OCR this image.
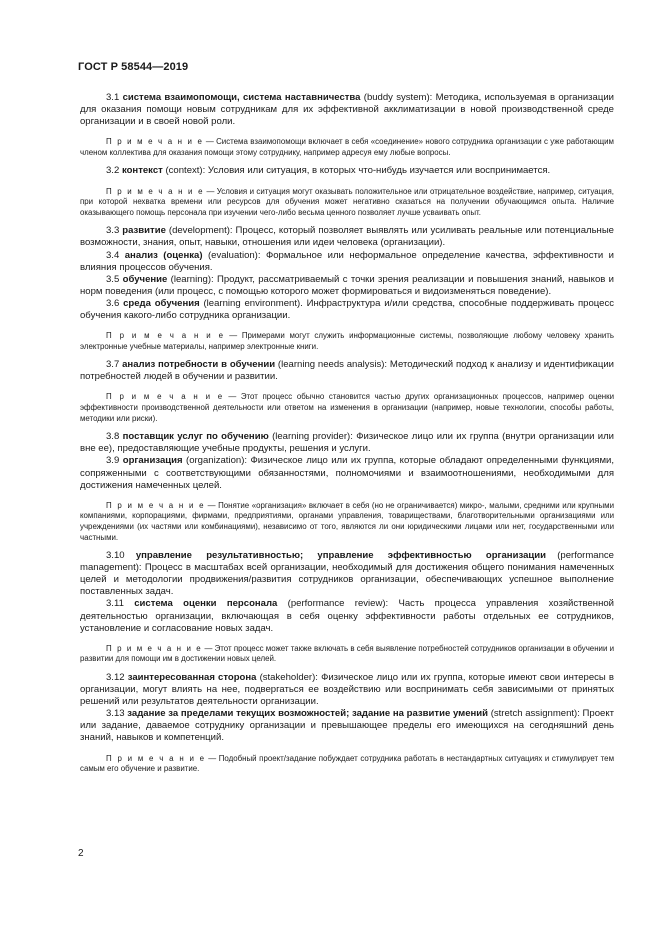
ГОСТ Р 58544—2019

3.1 система взаимопомощи, система наставничества (buddy system): Методика, используемая в организации для оказания помощи новым сотрудникам для их эффективной акклиматизации в новой производственной среде организации и в своей новой роли.

П р и м е ч а н и е — Система взаимопомощи включает в себя «соединение» нового сотрудника организации с уже работающим членом коллектива для оказания помощи этому сотруднику, например адресуя ему любые вопросы.

3.2 контекст (context): Условия или ситуация, в которых что-нибудь изучается или воспринимается.

П р и м е ч а н и е — Условия и ситуация могут оказывать положительное или отрицательное воздействие, например, ситуация, при которой нехватка времени или ресурсов для обучения может негативно сказаться на получении обучающимся опыта. Наличие оказывающего помощь персонала при изучении чего-либо весьма ценного позволяет лучше усваивать опыт.

3.3 развитие (development): Процесс, который позволяет выявлять или усиливать реальные или потенциальные возможности, знания, опыт, навыки, отношения или идеи человека (организации).

3.4 анализ (оценка) (evaluation): Формальное или неформальное определение качества, эффективности и влияния процессов обучения.

3.5 обучение (learning): Продукт, рассматриваемый с точки зрения реализации и повышения знаний, навыков и норм поведения (или процесс, с помощью которого может формироваться и видоизменяться поведение).

3.6 среда обучения (learning environment). Инфраструктура и/или средства, способные поддерживать процесс обучения какого-либо сотрудника организации.

П р и м е ч а н и е — Примерами могут служить информационные системы, позволяющие любому человеку хранить электронные учебные материалы, например электронные книги.

3.7 анализ потребности в обучении (learning needs analysis): Методический подход к анализу и идентификации потребностей людей в обучении и развитии.

П р и м е ч а н и е — Этот процесс обычно становится частью других организационных процессов, например оценки эффективности производственной деятельности или ответом на изменения в организации (например, новые технологии, способы работы, методики или риски).

3.8 поставщик услуг по обучению (learning provider): Физическое лицо или их группа (внутри организации или вне ее), предоставляющие учебные продукты, решения и услуги.

3.9 организация (organization): Физическое лицо или их группа, которые обладают определенными функциями, сопряженными с соответствующими обязанностями, полномочиями и взаимоотношениями, необходимыми для достижения намеченных целей.

П р и м е ч а н и е — Понятие «организация» включает в себя (но не ограничивается) микро-, малыми, средними или крупными компаниями, корпорациями, фирмами, предприятиями, органами управления, товариществами, благотворительными организациями или учреждениями (их частями или комбинациями), независимо от того, являются ли они юридическими лицами или нет, государственными или частными.

3.10 управление результативностью; управление эффективностью организации (performance management): Процесс в масштабах всей организации, необходимый для достижения общего понимания намеченных целей и методологии продвижения/развития сотрудников организации, обеспечивающих успешное выполнение поставленных задач.

3.11 система оценки персонала (performance review): Часть процесса управления хозяйственной деятельностью организации, включающая в себя оценку эффективности работы отдельных ее сотрудников, установление и согласование новых задач.

П р и м е ч а н и е — Этот процесс может также включать в себя выявление потребностей сотрудников организации в обучении и развитии для помощи им в достижении новых целей.

3.12 заинтересованная сторона (stakeholder): Физическое лицо или их группа, которые имеют свои интересы в организации, могут влиять на нее, подвергаться ее воздействию или воспринимать себя зависимыми от принятых решений или результатов деятельности организации.

3.13 задание за пределами текущих возможностей; задание на развитие умений (stretch assignment): Проект или задание, даваемое сотруднику организации и превышающее пределы его имеющихся на сегодняшний день знаний, навыков и компетенций.

П р и м е ч а н и е — Подобный проект/задание побуждает сотрудника работать в нестандартных ситуациях и стимулирует тем самым его обучение и развитие.

2
